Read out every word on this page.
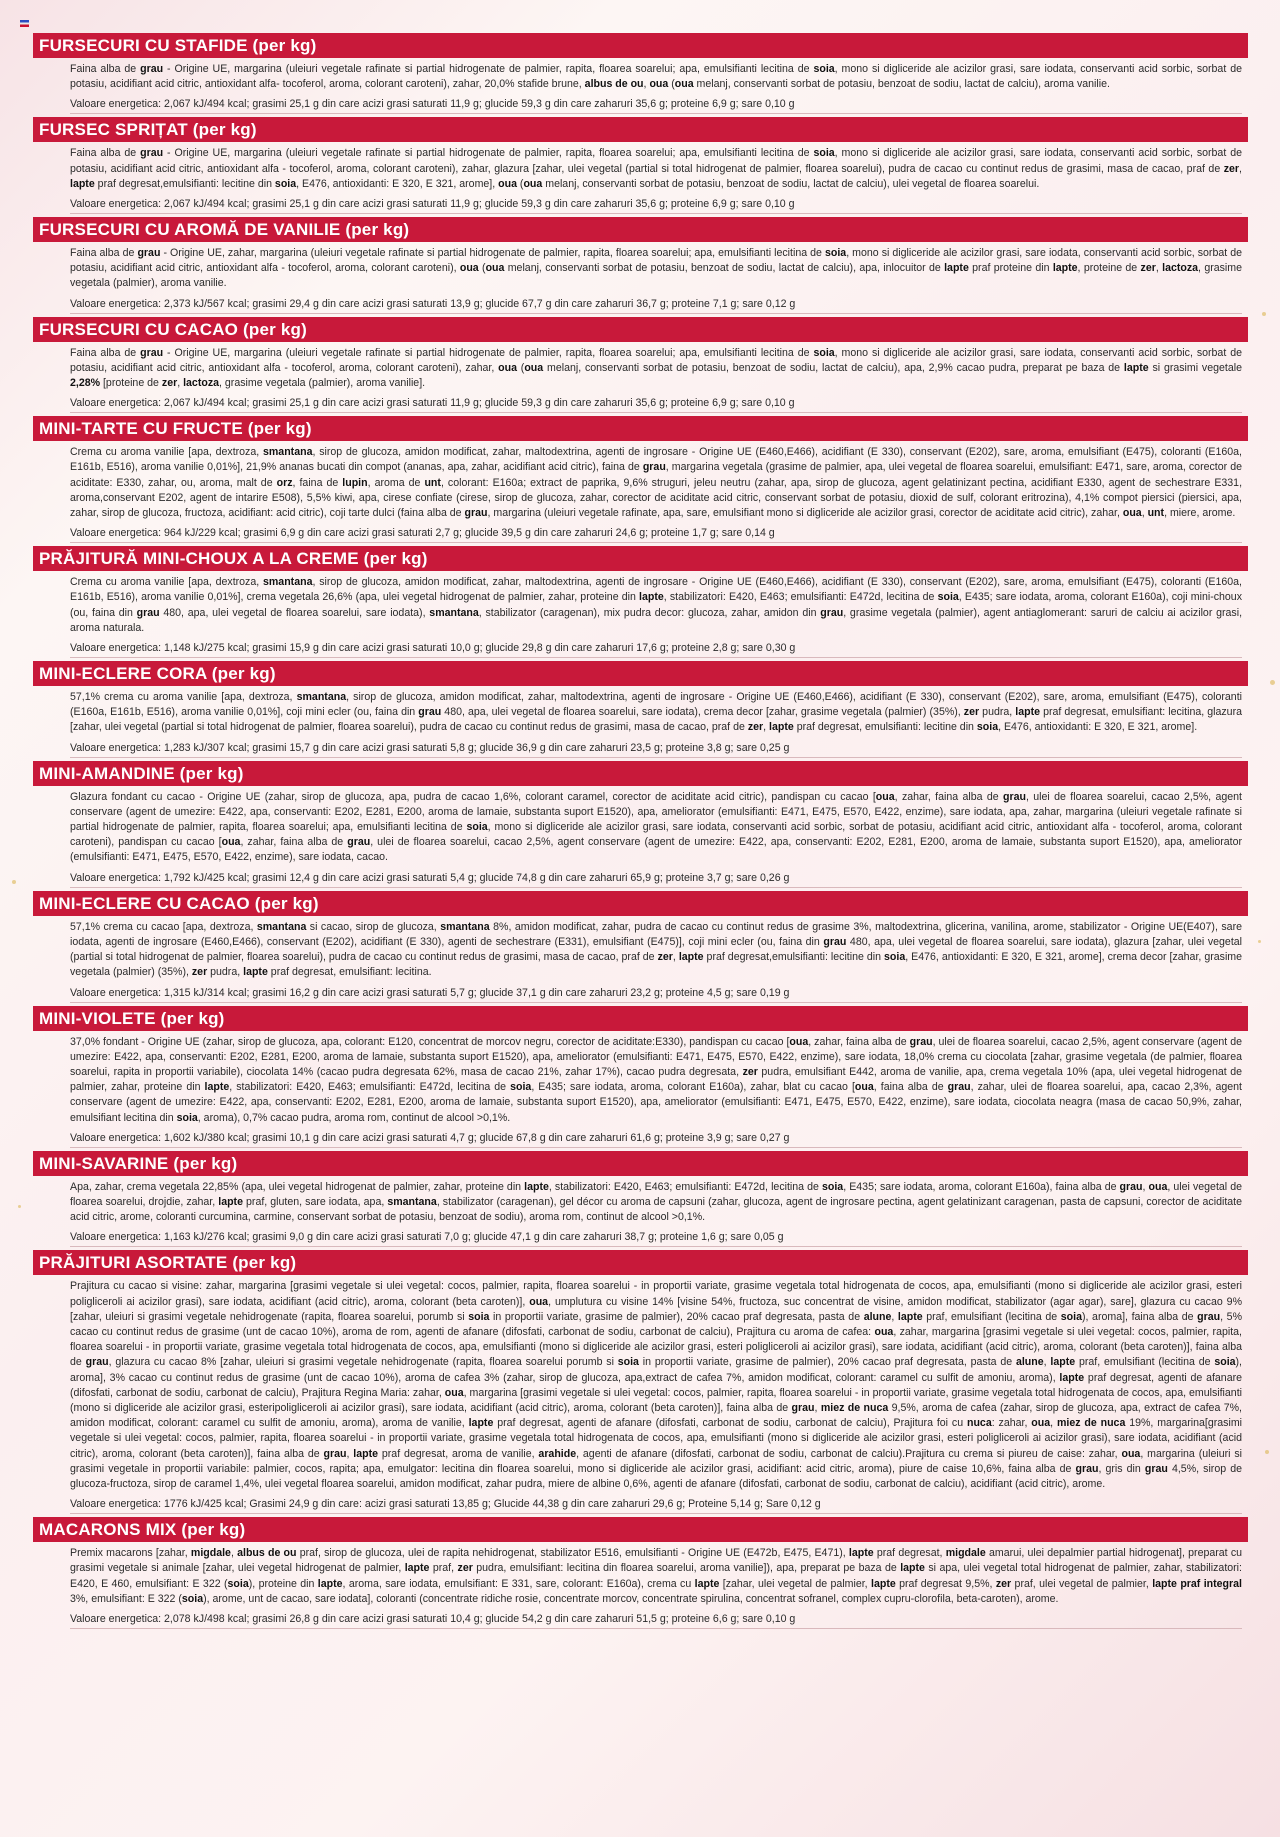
FURSECURI CU STAFIDE (per kg)
Faina alba de grau - Origine UE, margarina (uleiuri vegetale rafinate si partial hidrogenate de palmier, rapita, floarea soarelui; apa, emulsifianti lecitina de soia, mono si digliceride ale acizilor grasi, sare iodata, conservanti acid sorbic, sorbat de potasiu, acidifiant acid citric, antioxidant alfa- tocoferol, aroma, colorant caroteni), zahar, 20,0% stafide brune, albus de ou, oua (oua melanj, conservanti sorbat de potasiu, benzoat de sodiu, lactat de calciu), aroma vanilie.
Valoare energetica: 2,067 kJ/494 kcal; grasimi 25,1 g din care acizi grasi saturati 11,9 g; glucide 59,3 g din care zaharuri 35,6 g; proteine 6,9 g; sare 0,10 g
FURSEC SPRIȚAT (per kg)
Faina alba de grau - Origine UE, margarina (uleiuri vegetale rafinate si partial hidrogenate de palmier, rapita, floarea soarelui; apa, emulsifianti lecitina de soia, mono si digliceride ale acizilor grasi, sare iodata, conservanti acid sorbic, sorbat de potasiu, acidifiant acid citric, antioxidant alfa - tocoferol, aroma, colorant caroteni), zahar, glazura [zahar, ulei vegetal (partial si total hidrogenat de palmier, floarea soarelui), pudra de cacao cu continut redus de grasimi, masa de cacao, praf de zer, lapte praf degresat,emulsifianti: lecitine din soia, E476, antioxidanti: E 320, E 321, arome], oua (oua melanj, conservanti sorbat de potasiu, benzoat de sodiu, lactat de calciu), ulei vegetal de floarea soarelui.
Valoare energetica: 2,067 kJ/494 kcal; grasimi 25,1 g din care acizi grasi saturati 11,9 g; glucide 59,3 g din care zaharuri 35,6 g; proteine 6,9 g; sare 0,10 g
FURSECURI CU AROMĂ DE VANILIE (per kg)
Faina alba de grau - Origine UE, zahar, margarina (uleiuri vegetale rafinate si partial hidrogenate de palmier, rapita, floarea soarelui; apa, emulsifianti lecitina de soia, mono si digliceride ale acizilor grasi, sare iodata, conservanti acid sorbic, sorbat de potasiu, acidifiant acid citric, antioxidant alfa - tocoferol, aroma, colorant caroteni), oua (oua melanj, conservanti sorbat de potasiu, benzoat de sodiu, lactat de calciu), apa, inlocuitor de lapte praf proteine din lapte, proteine de zer, lactoza, grasime vegetala (palmier), aroma vanilie.
Valoare energetica: 2,373 kJ/567 kcal; grasimi 29,4 g din care acizi grasi saturati 13,9 g; glucide 67,7 g din care zaharuri 36,7 g; proteine 7,1 g; sare 0,12 g
FURSECURI CU CACAO (per kg)
Faina alba de grau - Origine UE, margarina (uleiuri vegetale rafinate si partial hidrogenate de palmier, rapita, floarea soarelui; apa, emulsifianti lecitina de soia, mono si digliceride ale acizilor grasi, sare iodata, conservanti acid sorbic, sorbat de potasiu, acidifiant acid citric, antioxidant alfa - tocoferol, aroma, colorant caroteni), zahar, oua (oua melanj, conservanti sorbat de potasiu, benzoat de sodiu, lactat de calciu), apa, 2,9% cacao pudra, preparat pe baza de lapte si grasimi vegetale 2,28% [proteine de zer, lactoza, grasime vegetala (palmier), aroma vanilie].
Valoare energetica: 2,067 kJ/494 kcal; grasimi 25,1 g din care acizi grasi saturati 11,9 g; glucide 59,3 g din care zaharuri 35,6 g; proteine 6,9 g; sare 0,10 g
MINI-TARTE CU FRUCTE (per kg)
Crema cu aroma vanilie [apa, dextroza, smantana, sirop de glucoza, amidon modificat, zahar, maltodextrina, agenti de ingrosare - Origine UE (E460,E466), acidifiant (E 330), conservant (E202), sare, aroma, emulsifiant (E475), coloranti (E160a, E161b, E516), aroma vanilie 0,01%], 21,9% ananas bucati din compot (ananas, apa, zahar, acidifiant acid citric), faina de grau, margarina vegetala (grasime de palmier, apa, ulei vegetal de floarea soarelui, emulsifiant: E471, sare, aroma, corector de aciditate: E330, zahar, ou, aroma, malt de orz, faina de lupin, aroma de unt, colorant: E160a; extract de paprika, 9,6% struguri, jeleu neutru (zahar, apa, sirop de glucoza, agent gelatinizant pectina, acidifiant E330, agent de sechestrare E331, aroma,conservant E202, agent de intarire E508), 5,5% kiwi, apa, cirese confiate (cirese, sirop de glucoza, zahar, corector de aciditate acid citric, conservant sorbat de potasiu, dioxid de sulf, colorant eritrozina), 4,1% compot piersici (piersici, apa, zahar, sirop de glucoza, fructoza, acidifiant: acid citric), coji tarte dulci (faina alba de grau, margarina (uleiuri vegetale rafinate, apa, sare, emulsifiant mono si digliceride ale acizilor grasi, corector de aciditate acid citric), zahar, oua, unt, miere, arome.
Valoare energetica: 964 kJ/229 kcal; grasimi 6,9 g din care acizi grasi saturati 2,7 g; glucide 39,5 g din care zaharuri 24,6 g; proteine 1,7 g; sare 0,14 g
PRĂJITURĂ MINI-CHOUX A LA CREME (per kg)
Crema cu aroma vanilie [apa, dextroza, smantana, sirop de glucoza, amidon modificat, zahar, maltodextrina, agenti de ingrosare - Origine UE (E460,E466), acidifiant (E 330), conservant (E202), sare, aroma, emulsifiant (E475), coloranti (E160a, E161b, E516), aroma vanilie 0,01%], crema vegetala 26,6% (apa, ulei vegetal hidrogenat de palmier, zahar, proteine din lapte, stabilizatori: E420, E463; emulsifianti: E472d, lecitina de soia, E435; sare iodata, aroma, colorant E160a), coji mini-choux (ou, faina din grau 480, apa, ulei vegetal de floarea soarelui, sare iodata), smantana, stabilizator (caragenan), mix pudra decor: glucoza, zahar, amidon din grau, grasime vegetala (palmier), agent antiaglomerant: saruri de calciu ai acizilor grasi, aroma naturala.
Valoare energetica: 1,148 kJ/275 kcal; grasimi 15,9 g din care acizi grasi saturati 10,0 g; glucide 29,8 g din care zaharuri 17,6 g; proteine 2,8 g; sare 0,30 g
MINI-ECLERE CORA (per kg)
57,1% crema cu aroma vanilie [apa, dextroza, smantana, sirop de glucoza, amidon modificat, zahar, maltodextrina, agenti de ingrosare - Origine UE (E460,E466), acidifiant (E 330), conservant (E202), sare, aroma, emulsifiant (E475), coloranti (E160a, E161b, E516), aroma vanilie 0,01%], coji mini ecler (ou, faina din grau 480, apa, ulei vegetal de floarea soarelui, sare iodata), crema decor [zahar, grasime vegetala (palmier) (35%), zer pudra, lapte praf degresat, emulsifiant: lecitina, glazura [zahar, ulei vegetal (partial si total hidrogenat de palmier, floarea soarelui), pudra de cacao cu continut redus de grasimi, masa de cacao, praf de zer, lapte praf degresat, emulsifianti: lecitine din soia, E476, antioxidanti: E 320, E 321, arome].
Valoare energetica: 1,283 kJ/307 kcal; grasimi 15,7 g din care acizi grasi saturati 5,8 g; glucide 36,9 g din care zaharuri 23,5 g; proteine 3,8 g; sare 0,25 g
MINI-AMANDINE (per kg)
Glazura fondant cu cacao - Origine UE (zahar, sirop de glucoza, apa, pudra de cacao 1,6%, colorant caramel, corector de aciditate acid citric), pandispan cu cacao [oua, zahar, faina alba de grau, ulei de floarea soarelui, cacao 2,5%, agent conservare (agent de umezire: E422, apa, conservanti: E202, E281, E200, aroma de lamaie, substanta suport E1520), apa, ameliorator (emulsifianti: E471, E475, E570, E422, enzime), sare iodata, apa, zahar, margarina (uleiuri vegetale rafinate si partial hidrogenate de palmier, rapita, floarea soarelui; apa, emulsifianti lecitina de soia, mono si digliceride ale acizilor grasi, sare iodata, conservanti acid sorbic, sorbat de potasiu, acidifiant acid citric, antioxidant alfa - tocoferol, aroma, colorant caroteni), pandispan cu cacao [oua, zahar, faina alba de grau, ulei de floarea soarelui, cacao 2,5%, agent conservare (agent de umezire: E422, apa, conservanti: E202, E281, E200, aroma de lamaie, substanta suport E1520), apa, ameliorator (emulsifianti: E471, E475, E570, E422, enzime), sare iodata, cacao.
Valoare energetica: 1,792 kJ/425 kcal; grasimi 12,4 g din care acizi grasi saturati 5,4 g; glucide 74,8 g din care zaharuri 65,9 g; proteine 3,7 g; sare 0,26 g
MINI-ECLERE CU CACAO (per kg)
57,1% crema cu cacao [apa, dextroza, smantana si cacao, sirop de glucoza, smantana 8%, amidon modificat, zahar, pudra de cacao cu continut redus de grasime 3%, maltodextrina, glicerina, vanilina, arome, stabilizator - Origine UE(E407), sare iodata, agenti de ingrosare (E460,E466), conservant (E202), acidifiant (E 330), agenti de sechestrare (E331), emulsifiant (E475)], coji mini ecler (ou, faina din grau 480, apa, ulei vegetal de floarea soarelui, sare iodata), glazura [zahar, ulei vegetal (partial si total hidrogenat de palmier, floarea soarelui), pudra de cacao cu continut redus de grasimi, masa de cacao, praf de zer, lapte praf degresat,emulsifianti: lecitine din soia, E476, antioxidanti: E 320, E 321, arome], crema decor [zahar, grasime vegetala (palmier) (35%), zer pudra, lapte praf degresat, emulsifiant: lecitina.
Valoare energetica: 1,315 kJ/314 kcal; grasimi 16,2 g din care acizi grasi saturati 5,7 g; glucide 37,1 g din care zaharuri 23,2 g; proteine 4,5 g; sare 0,19 g
MINI-VIOLETE (per kg)
37,0% fondant - Origine UE (zahar, sirop de glucoza, apa, colorant: E120, concentrat de morcov negru, corector de aciditate:E330), pandispan cu cacao [oua, zahar, faina alba de grau, ulei de floarea soarelui, cacao 2,5%, agent conservare (agent de umezire: E422, apa, conservanti: E202, E281, E200, aroma de lamaie, substanta suport E1520), apa, ameliorator (emulsifianti: E471, E475, E570, E422, enzime), sare iodata, 18,0% crema cu ciocolata [zahar, grasime vegetala (de palmier, floarea soarelui, rapita in proportii variabile), ciocolata 14% (cacao pudra degresata 62%, masa de cacao 21%, zahar 17%), cacao pudra degresata, zer pudra, emulsifiant E442, aroma de vanilie, apa, crema vegetala 10% (apa, ulei vegetal hidrogenat de palmier, zahar, proteine din lapte, stabilizatori: E420, E463; emulsifianti: E472d, lecitina de soia, E435; sare iodata, aroma, colorant E160a), zahar, blat cu cacao [oua, faina alba de grau, zahar, ulei de floarea soarelui, apa, cacao 2,3%, agent conservare (agent de umezire: E422, apa, conservanti: E202, E281, E200, aroma de lamaie, substanta suport E1520), apa, ameliorator (emulsifianti: E471, E475, E570, E422, enzime), sare iodata, ciocolata neagra (masa de cacao 50,9%, zahar, emulsifiant lecitina din soia, aroma), 0,7% cacao pudra, aroma rom, continut de alcool >0,1%.
Valoare energetica: 1,602 kJ/380 kcal; grasimi 10,1 g din care acizi grasi saturati 4,7 g; glucide 67,8 g din care zaharuri 61,6 g; proteine 3,9 g; sare 0,27 g
MINI-SAVARINE (per kg)
Apa, zahar, crema vegetala 22,85% (apa, ulei vegetal hidrogenat de palmier, zahar, proteine din lapte, stabilizatori: E420, E463; emulsifianti: E472d, lecitina de soia, E435; sare iodata, aroma, colorant E160a), faina alba de grau, oua, ulei vegetal de floarea soarelui, drojdie, zahar, lapte praf, gluten, sare iodata, apa, smantana, stabilizator (caragenan), gel décor cu aroma de capsuni (zahar, glucoza, agent de ingrosare pectina, agent gelatinizant caragenan, pasta de capsuni, corector de aciditate acid citric, arome, coloranti curcumina, carmine, conservant sorbat de potasiu, benzoat de sodiu), aroma rom, continut de alcool >0,1%.
Valoare energetica: 1,163 kJ/276 kcal; grasimi 9,0 g din care acizi grasi saturati 7,0 g; glucide 47,1 g din care zaharuri 38,7 g; proteine 1,6 g; sare 0,05 g
PRĂJITURI ASORTATE (per kg)
Prajitura cu cacao si visine: zahar, margarina [grasimi vegetale si ulei vegetal: cocos, palmier, rapita, floarea soarelui - in proportii variate, grasime vegetala total hidrogenata de cocos, apa, emulsifianti (mono si digliceride ale acizilor grasi, esteri poligliceroli ai acizilor grasi), sare iodata, acidifiant (acid citric), aroma, colorant (beta caroten)], oua, umplutura cu visine 14% [visine 54%, fructoza, suc concentrat de visine, amidon modificat, stabilizator (agar agar), sare], glazura cu cacao 9% [zahar, uleiuri si grasimi vegetale nehidrogenate (rapita, floarea soarelui, porumb si soia in proportii variate, grasime de palmier), 20% cacao praf degresata, pasta de alune, lapte praf, emulsifiant (lecitina de soia), aroma], faina alba de grau, 5% cacao cu continut redus de grasime (unt de cacao 10%), aroma de rom, agenti de afanare (difosfati, carbonat de sodiu, carbonat de calciu), Prajitura cu aroma de cafea: oua, zahar, margarina [grasimi vegetale si ulei vegetal: cocos, palmier, rapita, floarea soarelui - in proportii variate, grasime vegetala total hidrogenata de cocos, apa, emulsifianti (mono si digliceride ale acizilor grasi, esteri poligliceroli ai acizilor grasi), sare iodata, acidifiant (acid citric), aroma, colorant (beta caroten)], faina alba de grau, glazura cu cacao 8% [zahar, uleiuri si grasimi vegetale nehidrogenate (rapita, floarea soarelui porumb si soia in proportii variate, grasime de palmier), 20% cacao praf degresata, pasta de alune, lapte praf, emulsifiant (lecitina de soia), aroma], 3% cacao cu continut redus de grasime (unt de cacao 10%), aroma de cafea 3% (zahar, sirop de glucoza, apa,extract de cafea 7%, amidon modificat, colorant: caramel cu sulfit de amoniu, aroma), lapte praf degresat, agenti de afanare (difosfati, carbonat de sodiu, carbonat de calciu), Prajitura Regina Maria: zahar, oua, margarina [grasimi vegetale si ulei vegetal: cocos, palmier, rapita, floarea soarelui - in proportii variate, grasime vegetala total hidrogenata de cocos, apa, emulsifianti (mono si digliceride ale acizilor grasi, esteripoligliceroli ai acizilor grasi), sare iodata, acidifiant (acid citric), aroma, colorant (beta caroten)], faina alba de grau, miez de nuca 9,5%, aroma de cafea (zahar, sirop de glucoza, apa, extract de cafea 7%, amidon modificat, colorant: caramel cu sulfit de amoniu, aroma), aroma de vanilie, lapte praf degresat, agenti de afanare (difosfati, carbonat de sodiu, carbonat de calciu), Prajitura foi cu nuca: zahar, oua, miez de nuca 19%, margarina[grasimi vegetale si ulei vegetal: cocos, palmier, rapita, floarea soarelui - in proportii variate, grasime vegetala total hidrogenata de cocos, apa, emulsifianti (mono si digliceride ale acizilor grasi, esteri poligliceroli ai acizilor grasi), sare iodata, acidifiant (acid citric), aroma, colorant (beta caroten)], faina alba de grau, lapte praf degresat, aroma de vanilie, arahide, agenti de afanare (difosfati, carbonat de sodiu, carbonat de calciu).Prajitura cu crema si piureu de caise: zahar, oua, margarina (uleiuri si grasimi vegetale in proportii variabile: palmier, cocos, rapita; apa, emulgator: lecitina din floarea soarelui, mono si digliceride ale acizilor grasi, acidifiant: acid citric, aroma), piure de caise 10,6%, faina alba de grau, gris din grau 4,5%, sirop de glucoza-fructoza, sirop de caramel 1,4%, ulei vegetal floarea soarelui, amidon modificat, zahar pudra, miere de albine 0,6%, agenti de afanare (difosfati, carbonat de sodiu, carbonat de calciu), acidifiant (acid citric), arome.
Valoare energetica: 1776 kJ/425 kcal; Grasimi 24,9 g din care: acizi grasi saturati 13,85 g; Glucide 44,38 g din care zaharuri 29,6 g; Proteine 5,14 g; Sare 0,12 g
MACARONS MIX (per kg)
Premix macarons [zahar, migdale, albus de ou praf, sirop de glucoza, ulei de rapita nehidrogenat, stabilizator E516, emulsifianti - Origine UE (E472b, E475, E471), lapte praf degresat, migdale amarui, ulei depalmier partial hidrogenat], preparat cu grasimi vegetale si animale [zahar, ulei vegetal hidrogenat de palmier, lapte praf, zer pudra, emulsifiant: lecitina din floarea soarelui, aroma vanilie]), apa, preparat pe baza de lapte si apa, ulei vegetal total hidrogenat de palmier, zahar, stabilizatori: E420, E 460, emulsifiant: E 322 (soia), proteine din lapte, aroma, sare iodata, emulsifiant: E 331, sare, colorant: E160a), crema cu lapte [zahar, ulei vegetal de palmier, lapte praf degresat 9,5%, zer praf, ulei vegetal de palmier, lapte praf integral 3%, emulsifiant: E 322 (soia), arome, unt de cacao, sare iodata], coloranti (concentrate ridiche rosie, concentrate morcov, concentrate spirulina, concentrat sofranel, complex cupru-clorofila, beta-caroten), arome.
Valoare energetica: 2,078 kJ/498 kcal; grasimi 26,8 g din care acizi grasi saturati 10,4 g; glucide 54,2 g din care zaharuri 51,5 g; proteine 6,6 g; sare 0,10 g
